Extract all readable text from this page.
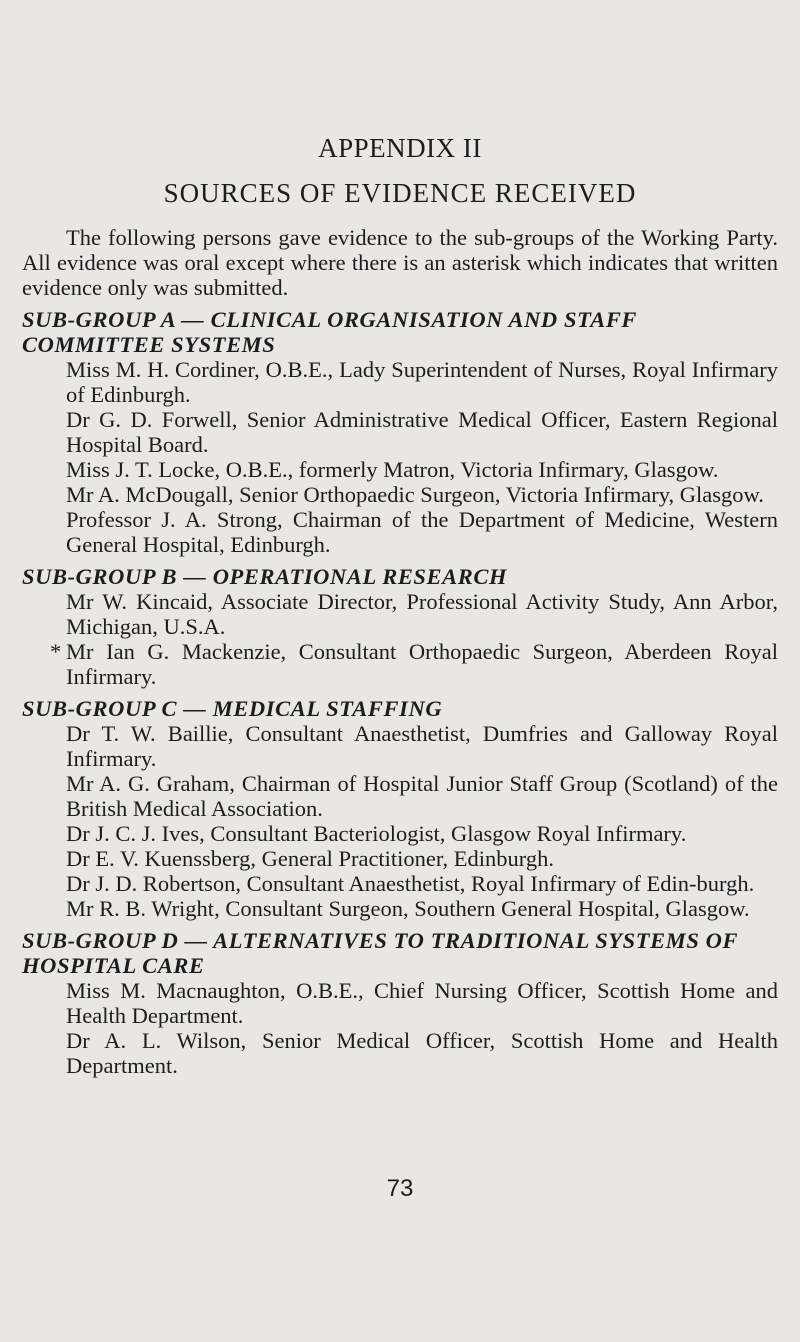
APPENDIX II
SOURCES OF EVIDENCE RECEIVED

The following persons gave evidence to the sub-groups of the Working Party. All evidence was oral except where there is an asterisk which indicates that written evidence only was submitted.

SUB-GROUP A — CLINICAL ORGANISATION AND STAFF COMMITTEE SYSTEMS
Miss M. H. Cordiner, O.B.E., Lady Superintendent of Nurses, Royal Infirmary of Edinburgh.
Dr G. D. Forwell, Senior Administrative Medical Officer, Eastern Regional Hospital Board.
Miss J. T. Locke, O.B.E., formerly Matron, Victoria Infirmary, Glasgow.
Mr A. McDougall, Senior Orthopaedic Surgeon, Victoria Infirmary, Glasgow.
Professor J. A. Strong, Chairman of the Department of Medicine, Western General Hospital, Edinburgh.
SUB-GROUP B — OPERATIONAL RESEARCH
Mr W. Kincaid, Associate Director, Professional Activity Study, Ann Arbor, Michigan, U.S.A.
* Mr Ian G. Mackenzie, Consultant Orthopaedic Surgeon, Aberdeen Royal Infirmary.
SUB-GROUP C — MEDICAL STAFFING
Dr T. W. Baillie, Consultant Anaesthetist, Dumfries and Galloway Royal Infirmary.
Mr A. G. Graham, Chairman of Hospital Junior Staff Group (Scotland) of the British Medical Association.
Dr J. C. J. Ives, Consultant Bacteriologist, Glasgow Royal Infirmary.
Dr E. V. Kuenssberg, General Practitioner, Edinburgh.
Dr J. D. Robertson, Consultant Anaesthetist, Royal Infirmary of Edin-burgh.
Mr R. B. Wright, Consultant Surgeon, Southern General Hospital, Glasgow.
SUB-GROUP D — ALTERNATIVES TO TRADITIONAL SYSTEMS OF HOSPITAL CARE
Miss M. Macnaughton, O.B.E., Chief Nursing Officer, Scottish Home and Health Department.
Dr A. L. Wilson, Senior Medical Officer, Scottish Home and Health Department.
73
